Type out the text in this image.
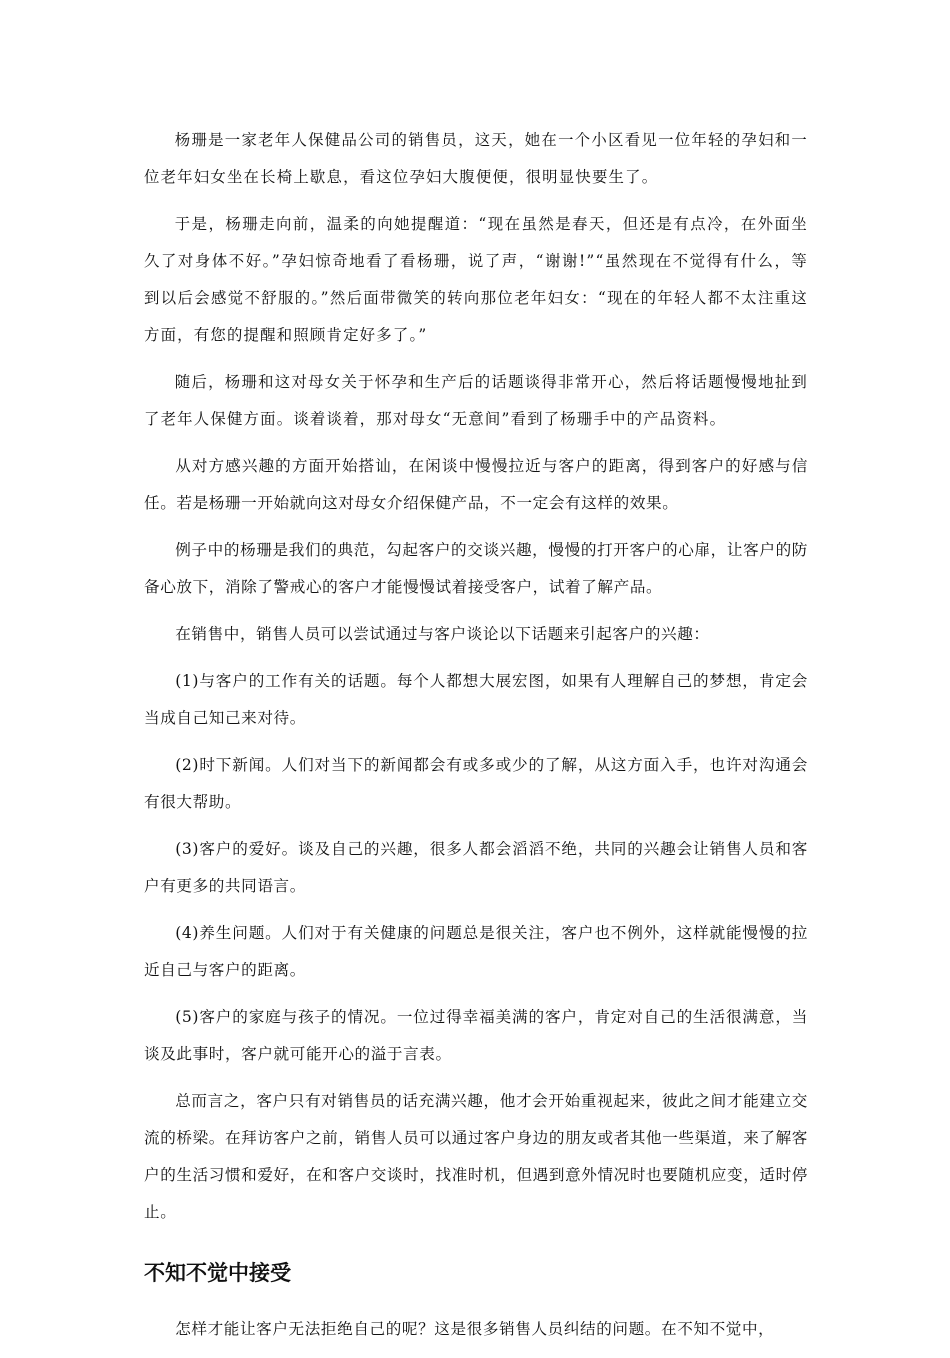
杨珊是一家老年人保健品公司的销售员，这天，她在一个小区看见一位年轻的孕妇和一位老年妇女坐在长椅上歇息，看这位孕妇大腹便便，很明显快要生了。

于是，杨珊走向前，温柔的向她提醒道：“现在虽然是春天，但还是有点冷，在外面坐久了对身体不好。”孕妇惊奇地看了看杨珊，说了声，“谢谢!”“虽然现在不觉得有什么，等到以后会感觉不舒服的。”然后面带微笑的转向那位老年妇女：“现在的年轻人都不太注重这方面，有您的提醒和照顾肯定好多了。”

随后，杨珊和这对母女关于怀孕和生产后的话题谈得非常开心，然后将话题慢慢地扯到了老年人保健方面。谈着谈着，那对母女“无意间”看到了杨珊手中的产品资料。

从对方感兴趣的方面开始搭讪，在闲谈中慢慢拉近与客户的距离，得到客户的好感与信任。若是杨珊一开始就向这对母女介绍保健产品，不一定会有这样的效果。

例子中的杨珊是我们的典范，勾起客户的交谈兴趣，慢慢的打开客户的心扉，让客户的防备心放下，消除了警戒心的客户才能慢慢试着接受客户，试着了解产品。

在销售中，销售人员可以尝试通过与客户谈论以下话题来引起客户的兴趣：

(1)与客户的工作有关的话题。每个人都想大展宏图，如果有人理解自己的梦想，肯定会当成自己知己来对待。

(2)时下新闻。人们对当下的新闻都会有或多或少的了解，从这方面入手，也许对沟通会有很大帮助。

(3)客户的爱好。谈及自己的兴趣，很多人都会滔滔不绝，共同的兴趣会让销售人员和客户有更多的共同语言。

(4)养生问题。人们对于有关健康的问题总是很关注，客户也不例外，这样就能慢慢的拉近自己与客户的距离。

(5)客户的家庭与孩子的情况。一位过得幸福美满的客户，肯定对自己的生活很满意，当谈及此事时，客户就可能开心的溢于言表。

总而言之，客户只有对销售员的话充满兴趣，他才会开始重视起来，彼此之间才能建立交流的桥梁。在拜访客户之前，销售人员可以通过客户身边的朋友或者其他一些渠道，来了解客户的生活习惯和爱好，在和客户交谈时，找准时机，但遇到意外情况时也要随机应变，适时停止。

不知不觉中接受

怎样才能让客户无法拒绝自己的呢？这是很多销售人员纠结的问题。在不知不觉中，
